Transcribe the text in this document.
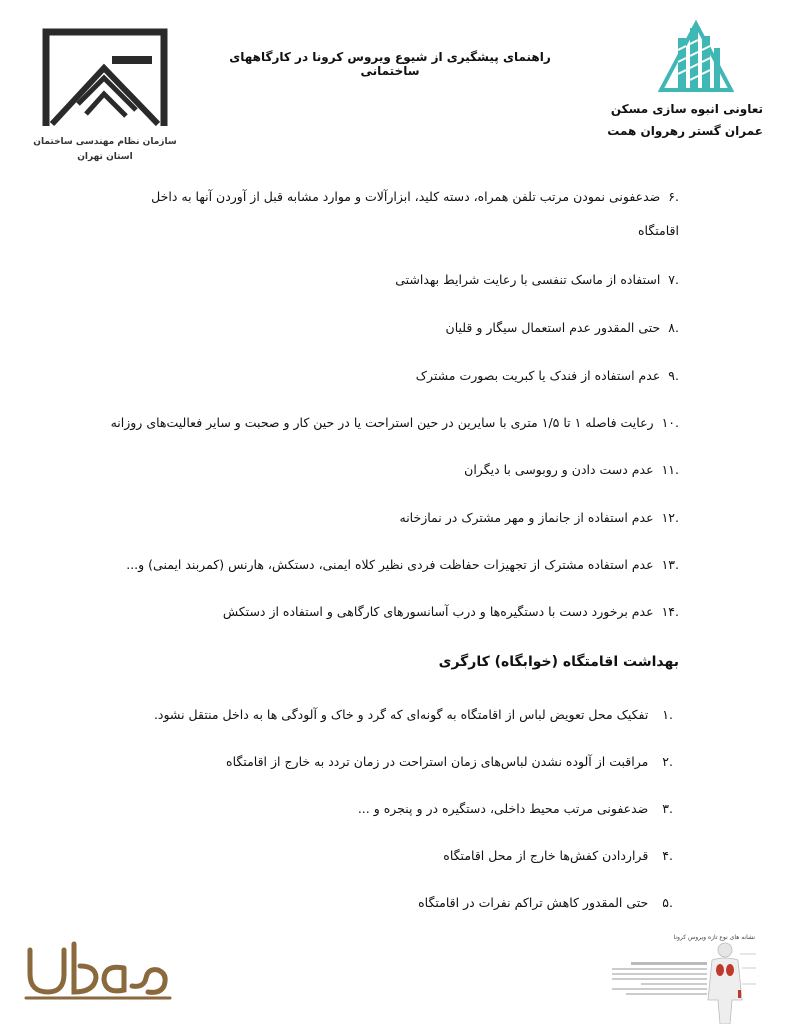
سازمان نظام مهندسی ساختمان
استان تهران
راهنمای پیشگیری از شیوع ویروس کرونا در کارگاههای ساختمانی
تعاونی انبوه سازی مسکن
عمران گستر رهروان همت
.۶ضدعفونی نمودن مرتب تلفن همراه، دسته کلید، ابزارآلات و موارد مشابه قبل از آوردن آنها به داخل
اقامتگاه
.۷استفاده از ماسک تنفسی با رعایت شرایط بهداشتی
.۸حتی المقدور عدم استعمال سیگار و قلیان
.۹عدم استفاده از فندک یا کبریت بصورت مشترک
.۱۰رعایت فاصله ۱ تا ۱/۵ متری با سایرین در حین استراحت یا در حین کار و صحبت و سایر فعالیت‌های روزانه
.۱۱عدم دست دادن و روبوسی با دیگران
.۱۲عدم استفاده از جانماز و مهر مشترک در نمازخانه
.۱۳عدم استفاده مشترک از تجهیزات حفاظت فردی نظیر کلاه ایمنی، دستکش، هارنس (کمربند ایمنی) و...
.۱۴عدم برخورد دست با دستگیره‌ها و درب آسانسورهای کارگاهی و استفاده از دستکش
بهداشت اقامتگاه (خوابگاه) کارگری
.۱تفکیک محل تعویض لباس از اقامتگاه به گونه‌ای که گرد و خاک و آلودگی ها به داخل منتقل نشود.
.۲مراقبت از آلوده نشدن لباس‌های زمان استراحت در زمان تردد به خارج از اقامتگاه
.۳ضدعفونی مرتب محیط داخلی، دستگیره در و پنجره و ...
.۴قراردادن کفش‌ها خارج از محل اقامتگاه
.۵حتی المقدور کاهش تراکم نفرات در اقامتگاه
نشانه های نوع تازه ویروس کرونا
